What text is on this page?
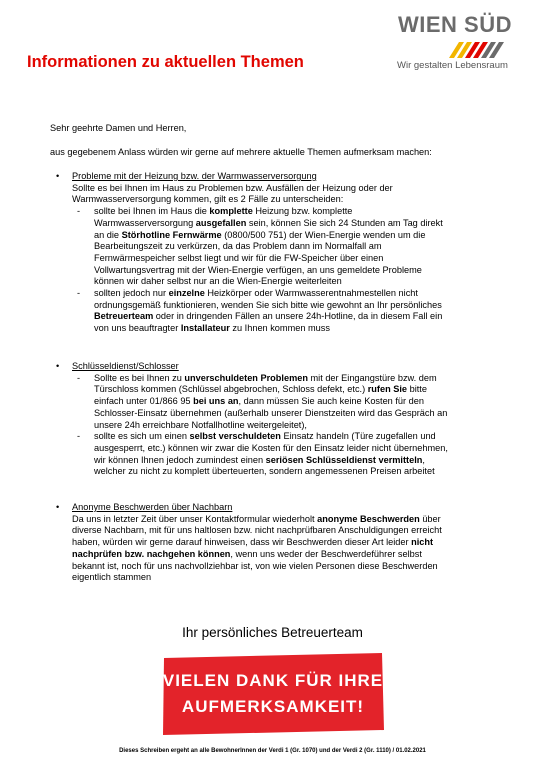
WIEN SÜD
Wir gestalten Lebensraum
Informationen zu aktuellen Themen
Sehr geehrte Damen und Herren,
aus gegebenem Anlass würden wir gerne auf mehrere aktuelle Themen aufmerksam machen:
• Probleme mit der Heizung bzw. der Warmwasserversorgung
Sollte es bei Ihnen im Haus zu Problemen bzw. Ausfällen der Heizung oder der
Warmwasserversorgung kommen, gilt es 2 Fälle zu unterscheiden:
- sollte bei Ihnen im Haus die komplette Heizung bzw. komplette
Warmwasserversorgung ausgefallen sein, können Sie sich 24 Stunden am Tag direkt
an die Störhotline Fernwärme (0800/500 751) der Wien-Energie wenden um die
Bearbeitungszeit zu verkürzen, da das Problem dann im Normalfall am
Fernwärmespeicher selbst liegt und wir für die FW-Speicher über einen
Vollwartungsvertrag mit der Wien-Energie verfügen, an uns gemeldete Probleme
können wir daher selbst nur an die Wien-Energie weiterleiten
- sollten jedoch nur einzelne Heizkörper oder Warmwasserentnahmestellen nicht
ordnungsgemäß funktionieren, wenden Sie sich bitte wie gewohnt an Ihr persönliches
Betreuerteam oder in dringenden Fällen an unsere 24h-Hotline, da in diesem Fall ein
von uns beauftragter Installateur zu Ihnen kommen muss
• Schlüsseldienst/Schlosser
- Sollte es bei Ihnen zu unverschuldeten Problemen mit der Eingangstüre bzw. dem
Türschloss kommen (Schlüssel abgebrochen, Schloss defekt, etc.) rufen Sie bitte
einfach unter 01/866 95 bei uns an, dann müssen Sie auch keine Kosten für den
Schlosser-Einsatz übernehmen (außerhalb unserer Dienstzeiten wird das Gespräch an
unsere 24h erreichbare Notfallhotline weitergeleitet),
- sollte es sich um einen selbst verschuldeten Einsatz handeln (Türe zugefallen und
ausgesperrt, etc.) können wir zwar die Kosten für den Einsatz leider nicht übernehmen,
wir können Ihnen jedoch zumindest einen seriösen Schlüsseldienst vermitteln,
welcher zu nicht zu komplett überteuerten, sondern angemessenen Preisen arbeitet
• Anonyme Beschwerden über Nachbarn
Da uns in letzter Zeit über unser Kontaktformular wiederholt anonyme Beschwerden über
diverse Nachbarn, mit für uns haltlosen bzw. nicht nachprüfbaren Anschuldigungen erreicht
haben, würden wir gerne darauf hinweisen, dass wir Beschwerden dieser Art leider nicht
nachprüfen bzw. nachgehen können, wenn uns weder der Beschwerdeführer selbst
bekannt ist, noch für uns nachvollziehbar ist, von wie vielen Personen diese Beschwerden
eigentlich stammen
Ihr persönliches Betreuerteam
VIELEN DANK FÜR IHRE
AUFMERKSAMKEIT!
Dieses Schreiben ergeht an alle BewohnerInnen der Verdi 1 (Gr. 1070) und der Verdi 2 (Gr. 1110) / 01.02.2021
